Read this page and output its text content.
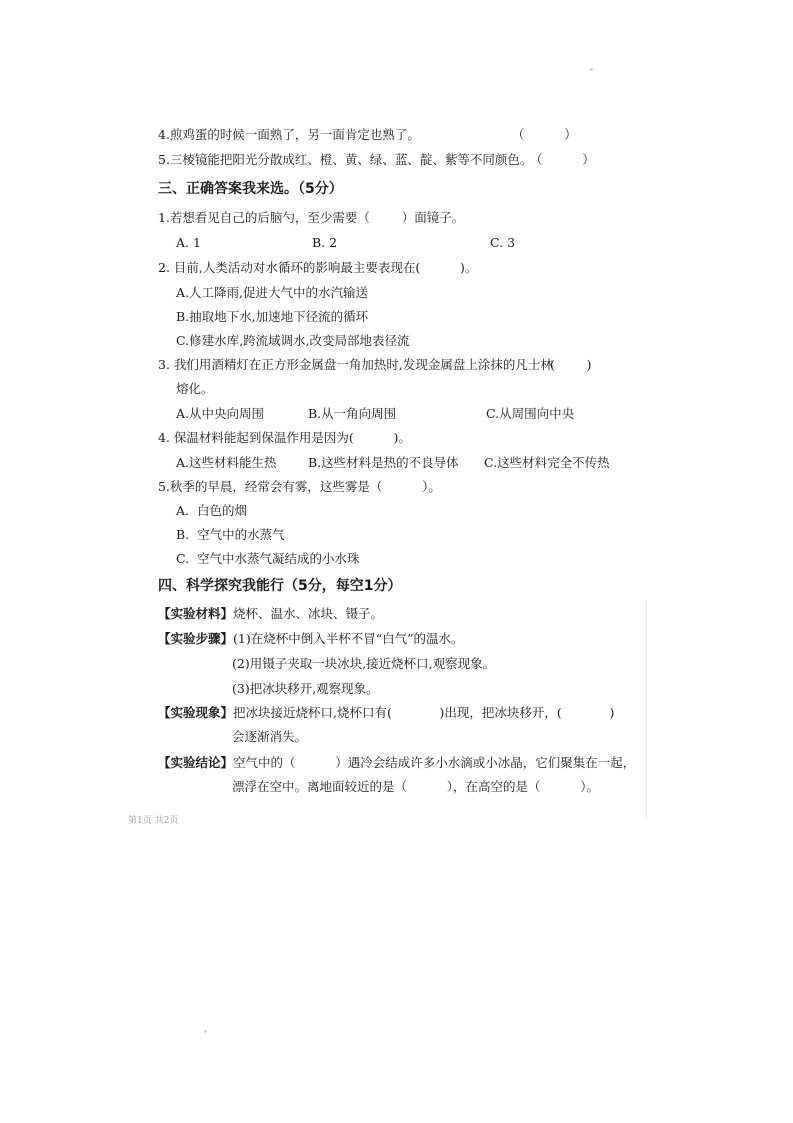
4.煎鸡蛋的时候一面熟了，另一面肯定也熟了。	（          ）
5.三棱镜能把阳光分散成红、橙、黄、绿、蓝、靛、紫等不同颜色。
（          ）
三、正确答案我来选。（5分）
1.若想看见自己的后脑勺，至少需要（        ）面镜子。
A. 1	B. 2	C. 3
2. 目前,人类活动对水循环的影响最主要表现在(          )。
A.人工降雨,促进大气中的水汽输送
B.抽取地下水,加速地下径流的循环
C.修建水库,跨流域调水,改变局部地表径流
3. 我们用酒精灯在正方形金属盘一角加热时,发现金属盘上涂抹的凡士林
(        )
熔化。
A.从中央向周围	B.从一角向周围	C.从周围向中央
4. 保温材料能起到保温作用是因为(          )。
A.这些材料能生热	B.这些材料是热的不良导体 C.这些材料完全不传热
5.秋季的早晨，经常会有雾，这些雾是（          ）。
A.  白色的烟
B.  空气中的水蒸气
C.  空气中水蒸气凝结成的小水珠
四、科学探究我能行（5分，每空1分）
【实验材料】烧杯、温水、冰块、镊子。
【实验步骤】(1)在烧杯中倒入半杯不冒“白气”的温水。
(2)用镊子夹取一块冰块,接近烧杯口,观察现象。
(3)把冰块移开,观察现象。
【实验现象】把冰块接近烧杯口,烧杯口有(            )出现，把冰块移开，(            )
会逐渐消失。
【实验结论】空气中的（          ）遇冷会结成许多小水滴或小冰晶，它们聚集在一起，
漂浮在空中。离地面较近的是（          ），在高空的是（          ）。
第1页 共2页
